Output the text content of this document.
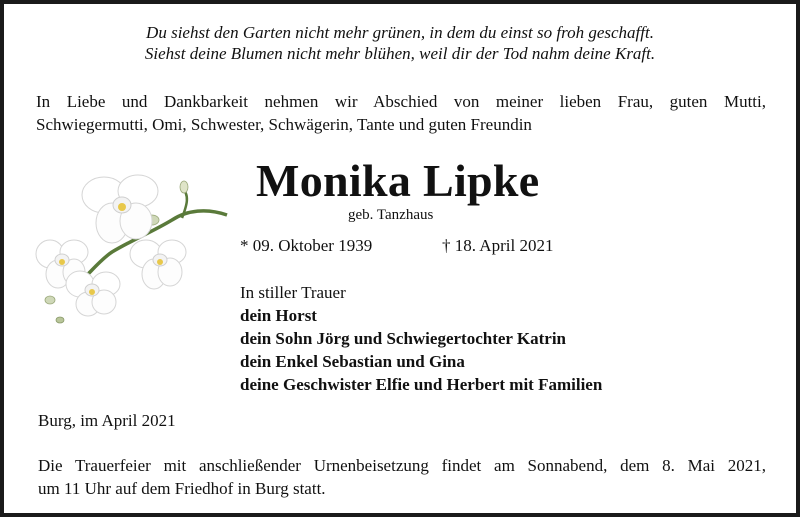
Du siehst den Garten nicht mehr grünen, in dem du einst so froh geschafft.
Siehst deine Blumen nicht mehr blühen, weil dir der Tod nahm deine Kraft.
In Liebe und Dankbarkeit nehmen wir Abschied von meiner lieben Frau, guten Mutti,
Schwiegermutti, Omi, Schwester, Schwägerin, Tante und guten Freundin
Monika Lipke
geb. Tanzhaus
* 09. Oktober 1939	† 18. April 2021
In stiller Trauer
dein Horst
dein Sohn Jörg und Schwiegertochter Katrin
dein Enkel Sebastian und Gina
deine Geschwister Elfie und Herbert mit Familien
Burg, im April 2021
Die Trauerfeier mit anschließender Urnenbeisetzung findet am Sonnabend, dem 8. Mai 2021,
um 11 Uhr auf dem Friedhof in Burg statt.
